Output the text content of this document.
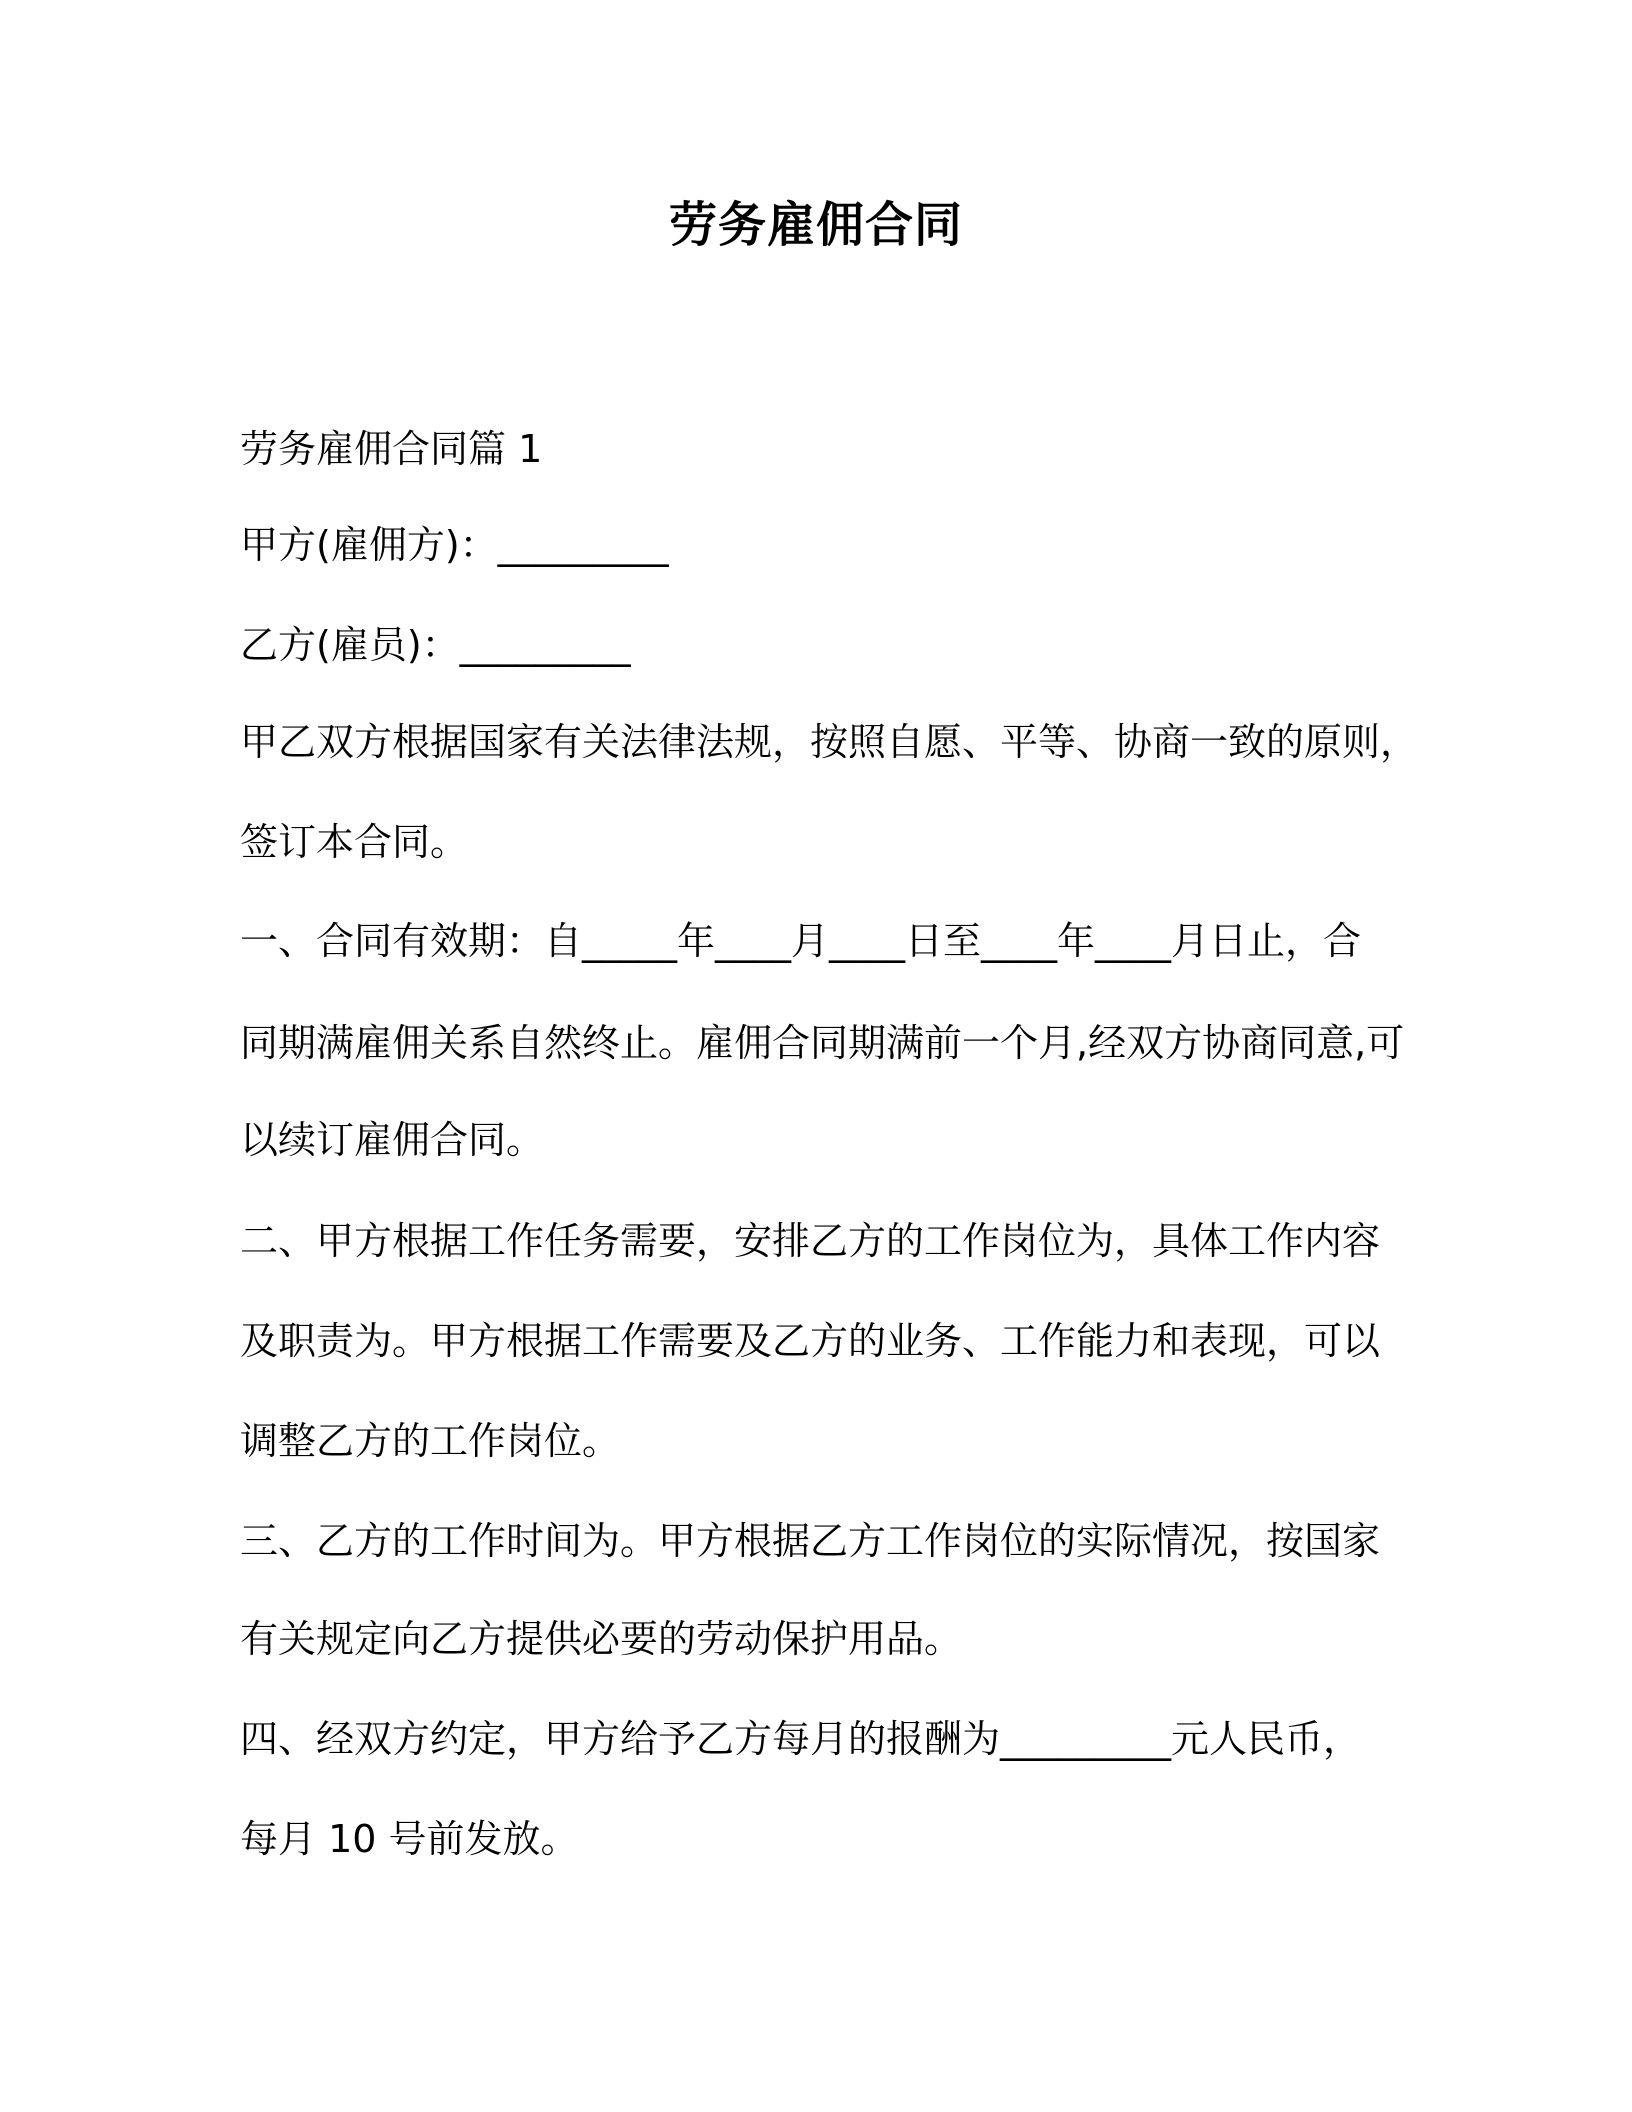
劳务雇佣合同
劳务雇佣合同篇 1
甲方(雇佣方)：_________
乙方(雇员)：_________
甲乙双方根据国家有关法律法规，按照自愿、平等、协商一致的原则，
签订本合同。
一、合同有效期：自_____年____月____日至____年____月日止，合
同期满雇佣关系自然终止。雇佣合同期满前一个月,经双方协商同意,可
以续订雇佣合同。
二、甲方根据工作任务需要，安排乙方的工作岗位为，具体工作内容
及职责为。甲方根据工作需要及乙方的业务、工作能力和表现，可以
调整乙方的工作岗位。
三、乙方的工作时间为。甲方根据乙方工作岗位的实际情况，按国家
有关规定向乙方提供必要的劳动保护用品。
四、经双方约定，甲方给予乙方每月的报酬为_________元人民币，
每月 10 号前发放。
